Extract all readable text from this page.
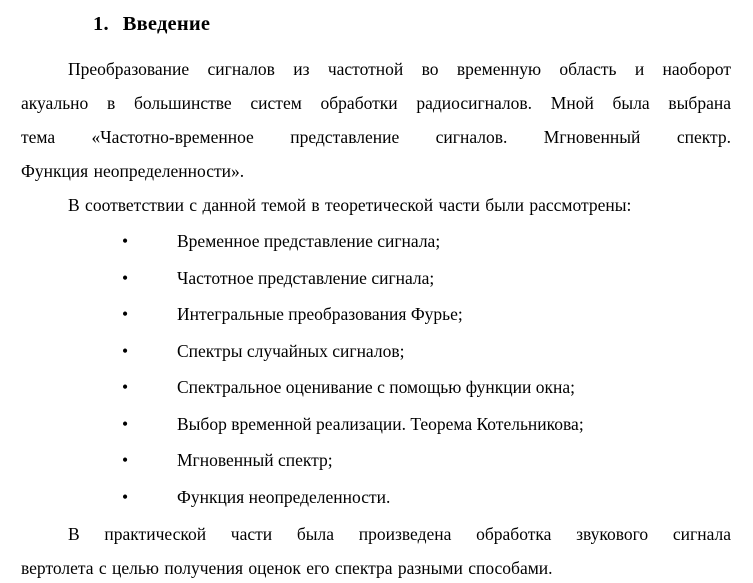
1. Введение
Преобразование сигналов из частотной во временную область и наоборот
акуально в большинстве систем обработки радиосигналов. Мной была выбрана
тема «Частотно-временное представление сигналов. Мгновенный спектр.
Функция неопределенности».
В соответствии с данной темой в теоретической части были рассмотрены:
•	Временное представление сигнала;
•	Частотное представление сигнала;
•	Интегральные преобразования Фурье;
•	Спектры случайных сигналов;
•	Спектральное оценивание с помощью функции окна;
•	Выбор временной реализации. Теорема Котельникова;
•	Мгновенный спектр;
•	Функция неопределенности.
В практической части была произведена обработка звукового сигнала
вертолета с целью получения оценок его спектра разными способами.
